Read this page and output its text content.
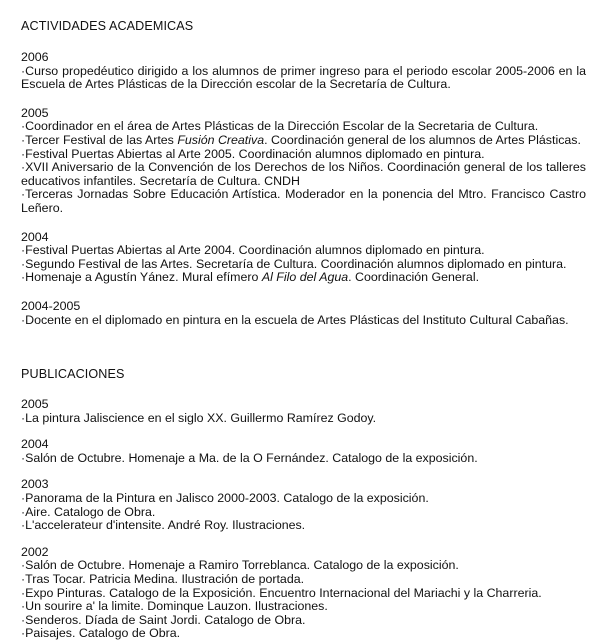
ACTIVIDADES ACADEMICAS
2006
·Curso propedéutico dirigido a los alumnos de primer ingreso para el periodo escolar 2005-2006 en la Escuela de Artes Plásticas de la Dirección escolar de la Secretaría de Cultura.
2005
·Coordinador en el área de Artes Plásticas de la Dirección Escolar de la Secretaria de Cultura.
·Tercer Festival de las Artes Fusión Creativa. Coordinación general de los alumnos de Artes Plásticas.
·Festival Puertas Abiertas al Arte 2005. Coordinación alumnos diplomado en pintura.
·XVII Aniversario de la Convención de los Derechos de los Niños. Coordinación general de los talleres educativos infantiles. Secretaría de Cultura. CNDH
·Terceras Jornadas Sobre Educación Artística. Moderador en la ponencia del Mtro. Francisco Castro Leñero.
2004
·Festival Puertas Abiertas al Arte 2004. Coordinación alumnos diplomado en pintura.
·Segundo Festival de las Artes. Secretaría de Cultura. Coordinación alumnos diplomado en pintura.
·Homenaje a Agustín Yánez. Mural efímero Al Filo del Agua. Coordinación General.
2004-2005
·Docente en el diplomado en pintura en la escuela de Artes Plásticas del Instituto Cultural Cabañas.
PUBLICACIONES
2005
·La pintura Jaliscience en el siglo XX. Guillermo Ramírez Godoy.
2004
·Salón de Octubre. Homenaje a Ma. de la O Fernández. Catalogo de la exposición.
2003
·Panorama de la Pintura en Jalisco 2000-2003. Catalogo de la exposición.
·Aire. Catalogo de Obra.
·L'accelerateur d'intensite. André Roy. Ilustraciones.
2002
·Salón de Octubre. Homenaje a Ramiro Torreblanca. Catalogo de la exposición.
·Tras Tocar. Patricia Medina. Ilustración de portada.
·Expo Pinturas. Catalogo de la Exposición. Encuentro Internacional del Mariachi y la Charreria.
·Un sourire a' la limite. Dominque Lauzon. Ilustraciones.
·Senderos. Díada de Saint Jordi. Catalogo de Obra.
·Paisajes. Catalogo de Obra.
